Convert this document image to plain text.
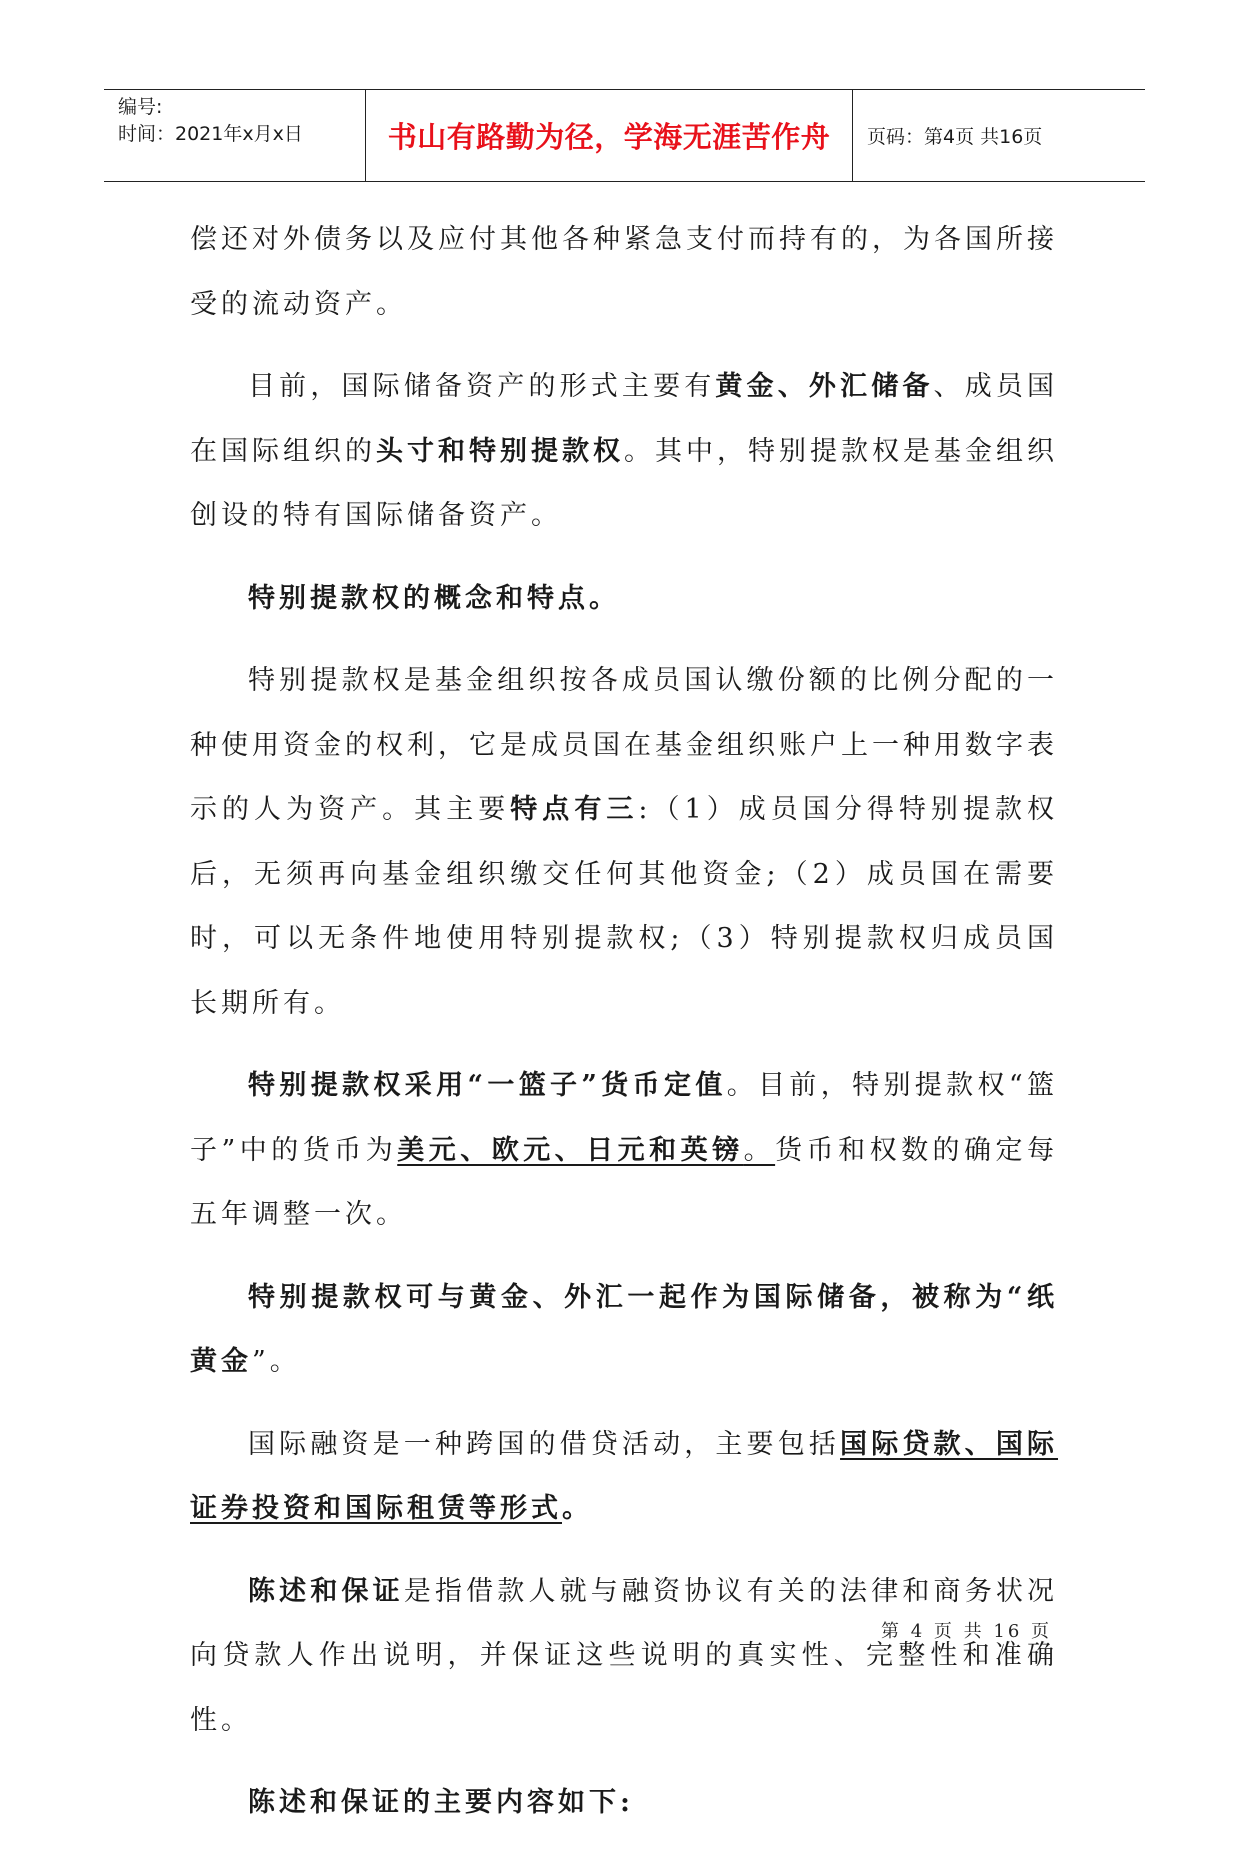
编号:
时间：2021年x月x日	书山有路勤为径，学海无涯苦作舟	页码：第4页 共16页

偿还对外债务以及应付其他各种紧急支付而持有的，为各国所接受的流动资产。

目前，国际储备资产的形式主要有黄金、外汇储备、成员国在国际组织的头寸和特别提款权。其中，特别提款权是基金组织创设的特有国际储备资产。

特别提款权的概念和特点。

特别提款权是基金组织按各成员国认缴份额的比例分配的一种使用资金的权利，它是成员国在基金组织账户上一种用数字表示的人为资产。其主要特点有三:（1）成员国分得特别提款权后，无须再向基金组织缴交任何其他资金;（2）成员国在需要时，可以无条件地使用特别提款权;（3）特别提款权归成员国长期所有。

特别提款权采用“一篮子”货币定值。目前，特别提款权“篮子”中的货币为美元、欧元、日元和英镑。货币和权数的确定每五年调整一次。

特别提款权可与黄金、外汇一起作为国际储备，被称为“纸黄金”。

国际融资是一种跨国的借贷活动，主要包括国际贷款、国际证券投资和国际租赁等形式。

陈述和保证是指借款人就与融资协议有关的法律和商务状况向贷款人作出说明，并保证这些说明的真实性、完整性和准确性。

陈述和保证的主要内容如下:

第 4 页 共 16 页
